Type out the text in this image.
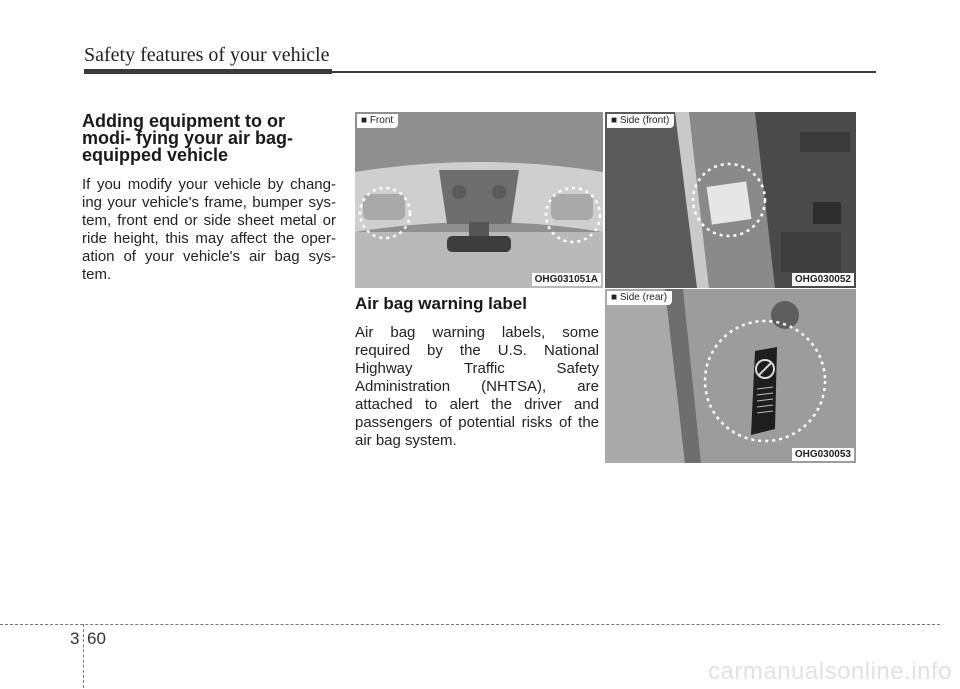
Safety features of your vehicle
Adding equipment to or modi- fying your air bag-equipped vehicle

If you modify your vehicle by chang- ing your vehicle's frame, bumper sys- tem, front end or side sheet metal or ride height, this may affect the oper- ation of your vehicle's air bag sys- tem.

■ Front
OHG031051A
■ Side (front)
OHG030052
■ Side (rear)
OHG030053
Air bag warning label

Air bag warning labels, some required by the U.S. National Highway Traffic Safety Administration (NHTSA), are attached to alert the driver and passengers of potential risks of the air bag system.

3 60
carmanualsonline.info
